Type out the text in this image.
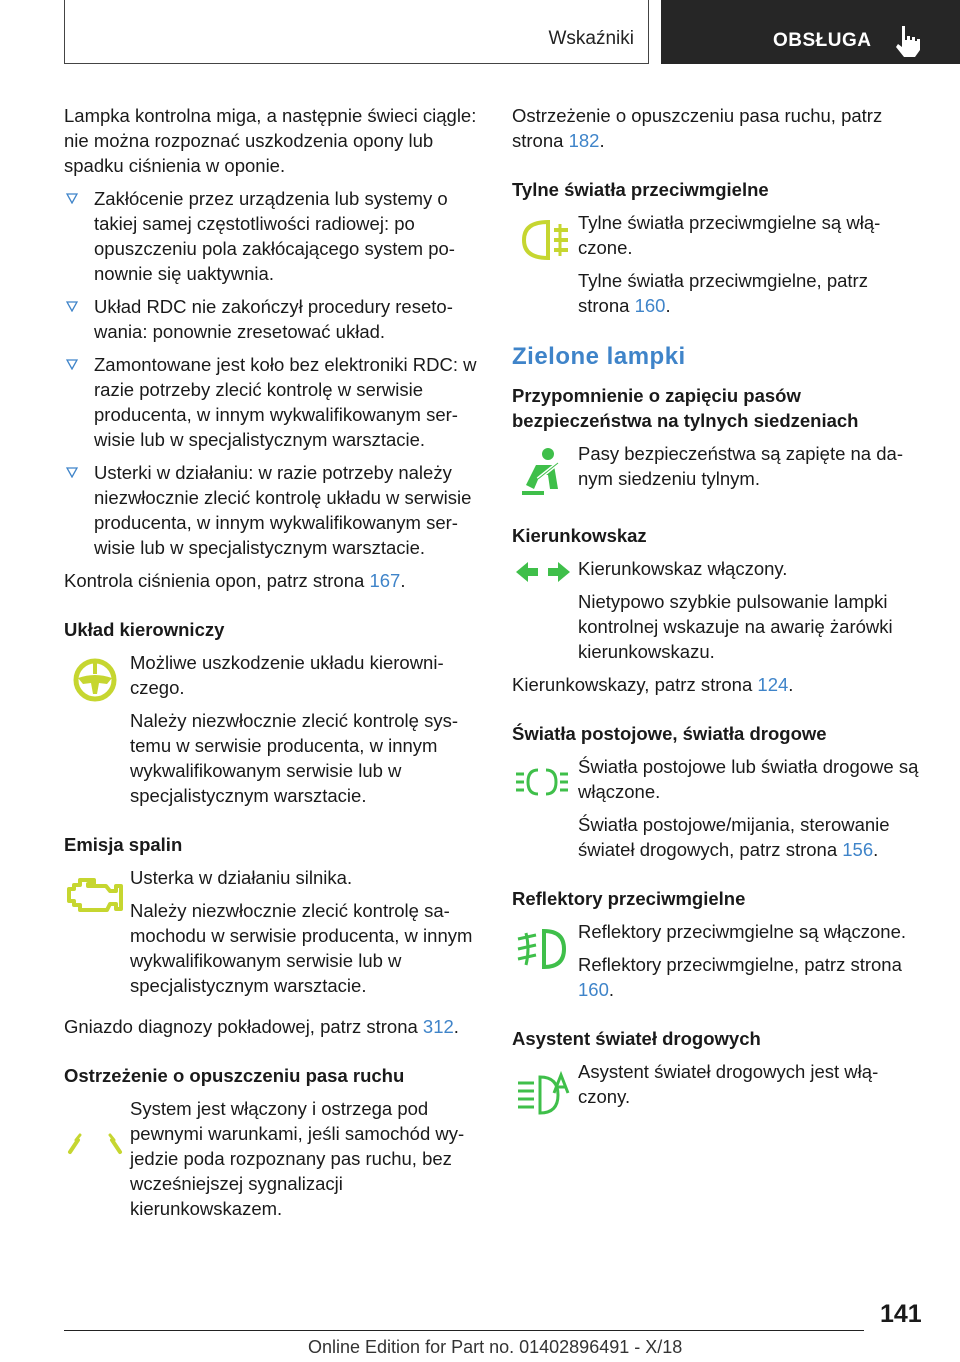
Wskaźniki	OBSŁUGA

Lampka kontrolna miga, a następnie świeci ciągle: nie można rozpoznać uszkodzenia opony lub spadku ciśnienia w oponie.

Zakłócenie przez urządzenia lub systemy o takiej samej częstotliwości radiowej: po opuszczeniu pola zakłócającego system ponownie się uaktywnia.
Układ RDC nie zakończył procedury resetowania: ponownie zresetować układ.
Zamontowane jest koło bez elektroniki RDC: w razie potrzeby zlecić kontrolę w serwisie producenta, w innym wykwalifikowanym serwisie lub w specjalistycznym warsztacie.
Usterki w działaniu: w razie potrzeby należy niezwłocznie zlecić kontrolę układu w serwisie producenta, w innym wykwalifikowanym serwisie lub w specjalistycznym warsztacie.

Kontrola ciśnienia opon, patrz strona 167.

Układ kierowniczy

Możliwe uszkodzenie układu kierowniczego.

Należy niezwłocznie zlecić kontrolę systemu w serwisie producenta, w innym wykwalifikowanym serwisie lub w specjalistycznym warsztacie.

Emisja spalin

Usterka w działaniu silnika.

Należy niezwłocznie zlecić kontrolę samochodu w serwisie producenta, w innym wykwalifikowanym serwisie lub w specjalistycznym warsztacie.

Gniazdo diagnozy pokładowej, patrz strona 312.

Ostrzeżenie o opuszczeniu pasa ruchu

System jest włączony i ostrzega pod pewnymi warunkami, jeśli samochód wyjedzie poda rozpoznany pas ruchu, bez wcześniejszej sygnalizacji kierunkowskazem.

Ostrzeżenie o opuszczeniu pasa ruchu, patrz strona 182.

Tylne światła przeciwmgielne

Tylne światła przeciwmgielne są włączone.

Tylne światła przeciwmgielne, patrz strona 160.

Zielone lampki
Przypomnienie o zapięciu pasów bezpieczeństwa na tylnych siedzeniach

Pasy bezpieczeństwa są zapięte na danym siedzeniu tylnym.

Kierunkowskaz

Kierunkowskaz włączony.

Nietypowo szybkie pulsowanie lampki kontrolnej wskazuje na awarię żarówki kierunkowskazu.

Kierunkowskazy, patrz strona 124.

Światła postojowe, światła drogowe

Światła postojowe lub światła drogowe są włączone.

Światła postojowe/mijania, sterowanie świateł drogowych, patrz strona 156.

Reflektory przeciwmgielne

Reflektory przeciwmgielne są włączone.

Reflektory przeciwmgielne, patrz strona 160.

Asystent świateł drogowych

Asystent świateł drogowych jest włączony.

141
Online Edition for Part no. 01402896491 - X/18
